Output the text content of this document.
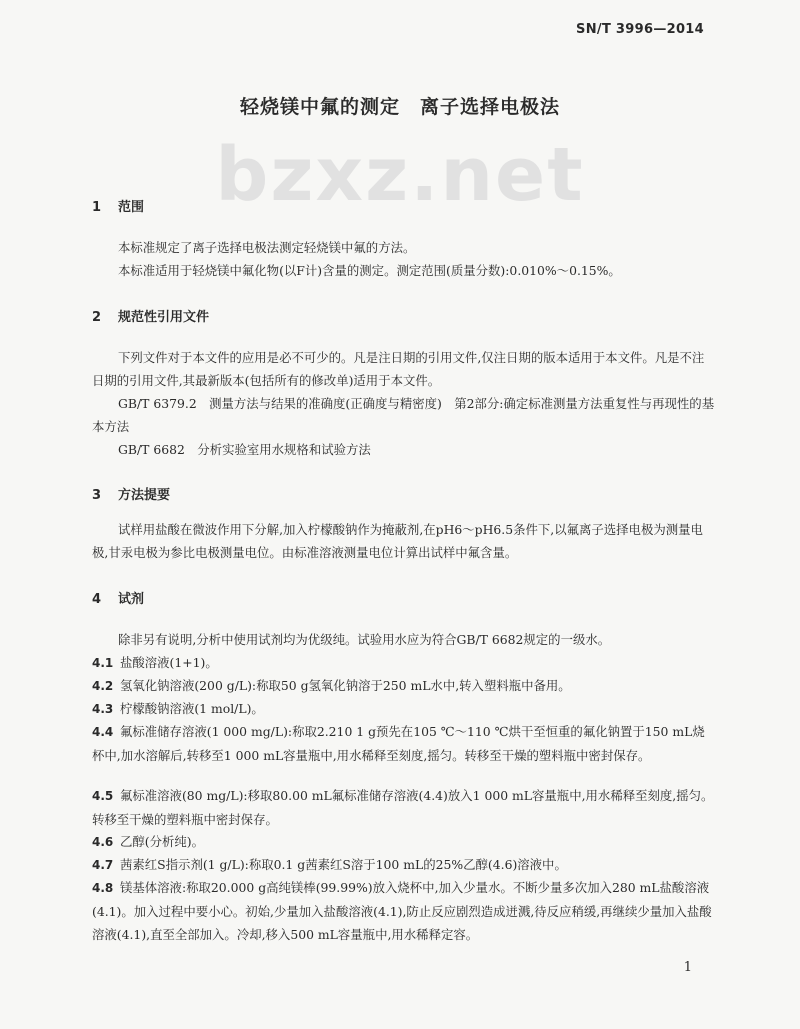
SN/T 3996—2014
轻烧镁中氟的测定　离子选择电极法
bzxz.net
1 范围
本标准规定了离子选择电极法测定轻烧镁中氟的方法。
本标准适用于轻烧镁中氟化物(以F计)含量的测定。测定范围(质量分数):0.010%～0.15%。
2 规范性引用文件
下列文件对于本文件的应用是必不可少的。凡是注日期的引用文件,仅注日期的版本适用于本文件。凡是不注日期的引用文件,其最新版本(包括所有的修改单)适用于本文件。
GB/T 6379.2　测量方法与结果的准确度(正确度与精密度)　第2部分:确定标准测量方法重复性与再现性的基本方法
GB/T 6682　分析实验室用水规格和试验方法
3 方法提要
试样用盐酸在微波作用下分解,加入柠檬酸钠作为掩蔽剂,在pH6～pH6.5条件下,以氟离子选择电极为测量电极,甘汞电极为参比电极测量电位。由标准溶液测量电位计算出试样中氟含量。
4 试剂
除非另有说明,分析中使用试剂均为优级纯。试验用水应为符合GB/T 6682规定的一级水。
4.1 盐酸溶液(1+1)。
4.2 氢氧化钠溶液(200 g/L):称取50 g氢氧化钠溶于250 mL水中,转入塑料瓶中备用。
4.3 柠檬酸钠溶液(1 mol/L)。
4.4 氟标准储存溶液(1 000 mg/L):称取2.210 1 g预先在105 ℃～110 ℃烘干至恒重的氟化钠置于150 mL烧杯中,加水溶解后,转移至1 000 mL容量瓶中,用水稀释至刻度,摇匀。转移至干燥的塑料瓶中密封保存。
4.5 氟标准溶液(80 mg/L):移取80.00 mL氟标准储存溶液(4.4)放入1 000 mL容量瓶中,用水稀释至刻度,摇匀。转移至干燥的塑料瓶中密封保存。
4.6 乙醇(分析纯)。
4.7 茜素红S指示剂(1 g/L):称取0.1 g茜素红S溶于100 mL的25%乙醇(4.6)溶液中。
4.8 镁基体溶液:称取20.000 g高纯镁棒(99.99%)放入烧杯中,加入少量水。不断少量多次加入280 mL盐酸溶液(4.1)。加入过程中要小心。初始,少量加入盐酸溶液(4.1),防止反应剧烈造成迸溅,待反应稍缓,再继续少量加入盐酸溶液(4.1),直至全部加入。冷却,移入500 mL容量瓶中,用水稀释定容。
1
